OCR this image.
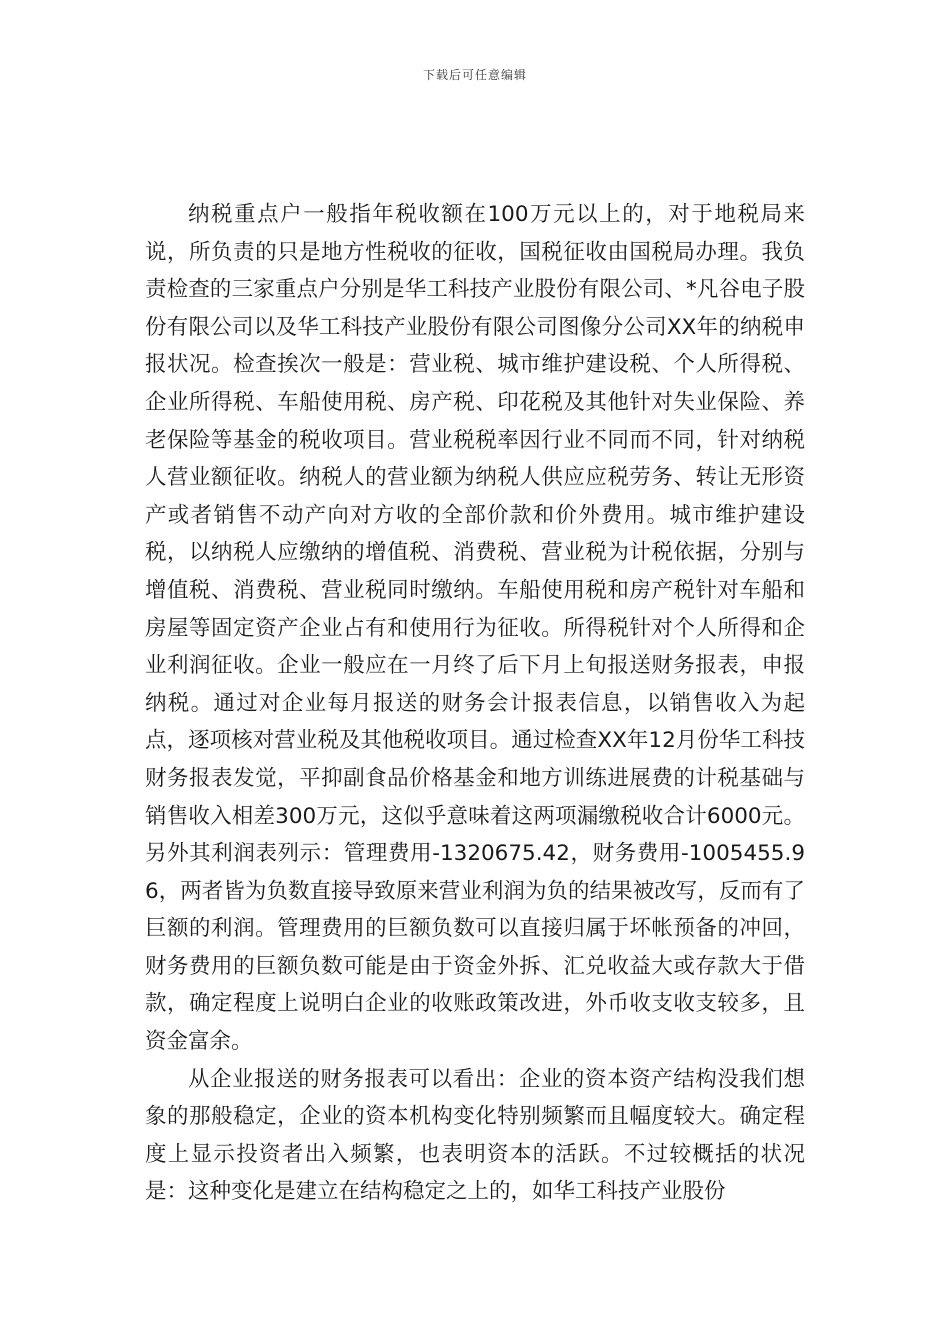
下载后可任意编辑

纳税重点户一般指年税收额在100万元以上的，对于地税局来说，所负责的只是地方性税收的征收，国税征收由国税局办理。我负责检查的三家重点户分别是华工科技产业股份有限公司、*凡谷电子股份有限公司以及华工科技产业股份有限公司图像分公司XX年的纳税申报状况。检查挨次一般是：营业税、城市维护建设税、个人所得税、企业所得税、车船使用税、房产税、印花税及其他针对失业保险、养老保险等基金的税收项目。营业税税率因行业不同而不同，针对纳税人营业额征收。纳税人的营业额为纳税人供应应税劳务、转让无形资产或者销售不动产向对方收的全部价款和价外费用。城市维护建设税，以纳税人应缴纳的增值税、消费税、营业税为计税依据，分别与增值税、消费税、营业税同时缴纳。车船使用税和房产税针对车船和房屋等固定资产企业占有和使用行为征收。所得税针对个人所得和企业利润征收。企业一般应在一月终了后下月上旬报送财务报表，申报纳税。通过对企业每月报送的财务会计报表信息，以销售收入为起点，逐项核对营业税及其他税收项目。通过检查XX年12月份华工科技财务报表发觉，平抑副食品价格基金和地方训练进展费的计税基础与销售收入相差300万元，这似乎意味着这两项漏缴税收合计6000元。另外其利润表列示：管理费用-1320675.42，财务费用-1005455.96，两者皆为负数直接导致原来营业利润为负的结果被改写，反而有了巨额的利润。管理费用的巨额负数可以直接归属于坏帐预备的冲回，财务费用的巨额负数可能是由于资金外拆、汇兑收益大或存款大于借款，确定程度上说明白企业的收账政策改进，外币收支收支较多，且资金富余。

从企业报送的财务报表可以看出：企业的资本资产结构没我们想象的那般稳定，企业的资本机构变化特别频繁而且幅度较大。确定程度上显示投资者出入频繁，也表明资本的活跃。不过较概括的状况是：这种变化是建立在结构稳定之上的，如华工科技产业股份
